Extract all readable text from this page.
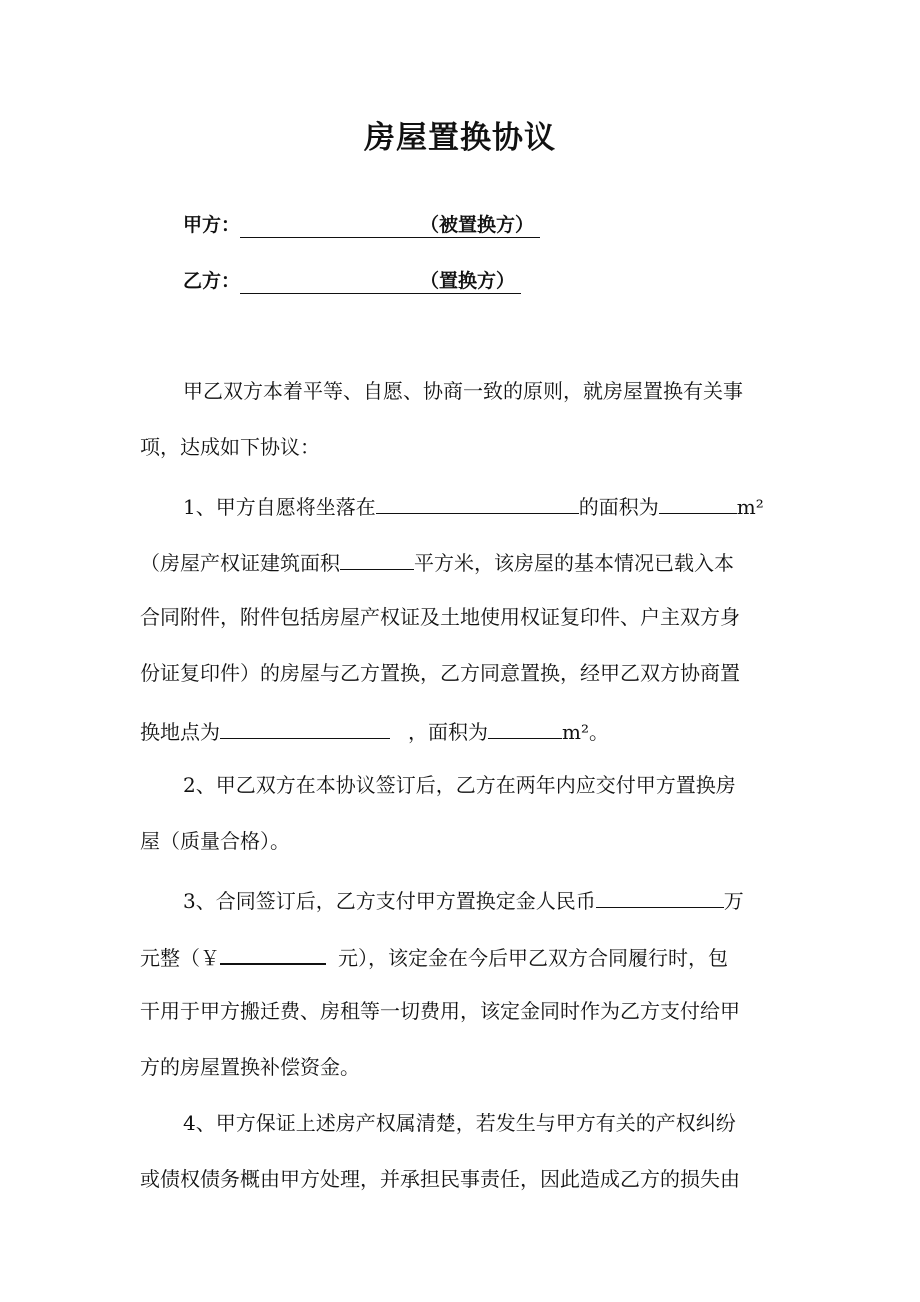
房屋置换协议
甲方：	（被置换方）
乙方：	（置换方）
甲乙双方本着平等、自愿、协商一致的原则，就房屋置换有关事
项，达成如下协议：
1、甲方自愿将坐落在	的面积为	m²
（房屋产权证建筑面积	平方米，该房屋的基本情况已载入本
合同附件，附件包括房屋产权证及土地使用权证复印件、户主双方身
份证复印件）的房屋与乙方置换，乙方同意置换，经甲乙双方协商置
换地点为	，面积为	m²。
2、甲乙双方在本协议签订后，乙方在两年内应交付甲方置换房
屋（质量合格）。
3、合同签订后，乙方支付甲方置换定金人民币	万
元整（￥	元），该定金在今后甲乙双方合同履行时，包
干用于甲方搬迁费、房租等一切费用，该定金同时作为乙方支付给甲
方的房屋置换补偿资金。
4、甲方保证上述房产权属清楚，若发生与甲方有关的产权纠纷
或债权债务概由甲方处理，并承担民事责任，因此造成乙方的损失由
